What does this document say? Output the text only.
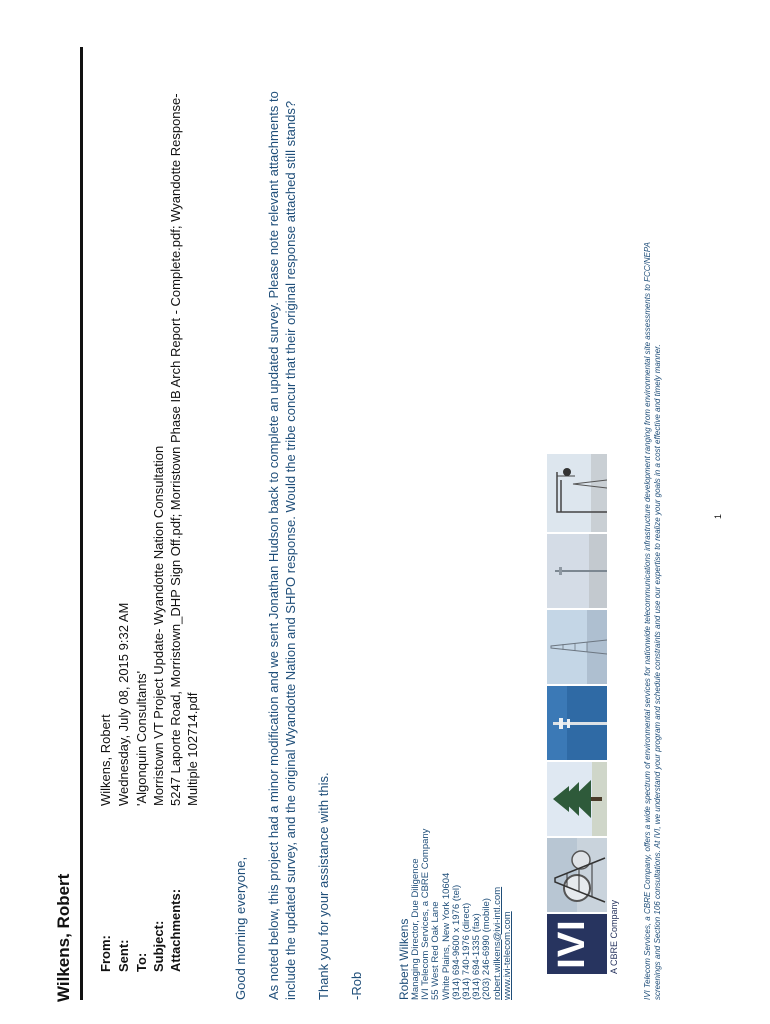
Wilkens, Robert From:
Wilkens, Robert
Sent:
Wednesday, July 08, 2015 9:32 AM
To:
'Algonquin Consultants'
Subject:
Morristown VT Project Update- Wyandotte Nation Consultation
Attachments:
5247 Laporte Road, Morristown_DHP Sign Off.pdf; Morristown Phase IB Arch Report - Complete.pdf; Wyandotte Response- Multiple 102714.pdf
Good morning everyone, As noted below, this project had a minor modification and we sent Jonathan Hudson back to complete an updated survey. Please note relevant attachments to include the updated survey, and the original Wyandotte Nation and SHPO response. Would the tribe concur that their original response attached still stands? Thank you for your assistance with this. -Rob	Robert Wilkens Managing Director, Due Diligence IVI Telecom Services, a CBRE Company 55 West Red Oak Lane White Plains, New York 10604 (914) 694-9600 x 1976 (tel) (914) 740-1976 (direct) (914) 694-1335 (fax) (203) 246-6990 (mobile) robert.wilkens@ivi-intl.com www.ivi-telecom.com IVI A CBRE Company
1
IVI Telecom Services, a CBRE Company, offers a wide spectrum of environmental services for nationwide telecommunications infrastructure development ranging from environmental site assessments to FCC/NEPA screenings and Section 106 consultations. At IVI, we understand your program and schedule constraints and use our expertise to realize your goals in a cost effective and timely manner.
